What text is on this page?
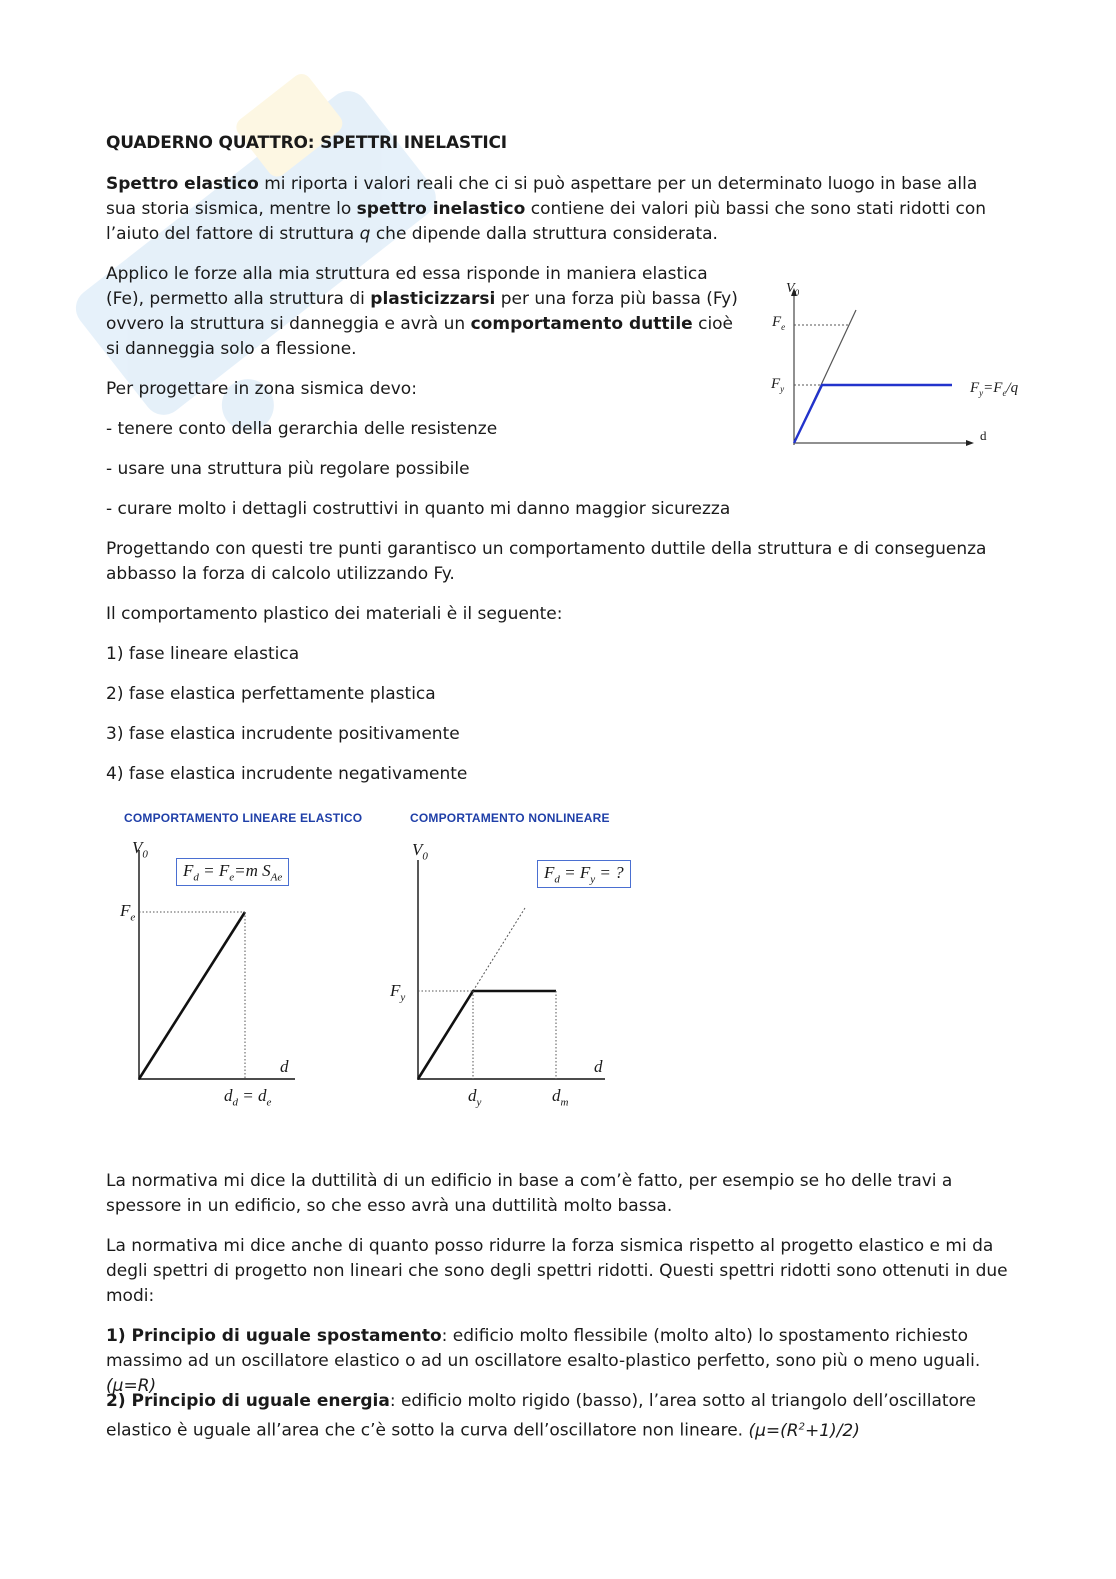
QUADERNO QUATTRO: SPETTRI INELASTICI

Spettro elastico mi riporta i valori reali che ci si può aspettare per un determinato luogo in base alla sua storia sismica, mentre lo spettro inelastico contiene dei valori più bassi che sono stati ridotti con l’aiuto del fattore di struttura q che dipende dalla struttura considerata.

Applico le forze alla mia struttura ed essa risponde in maniera elastica (Fe), permetto alla struttura di plasticizzarsi per una forza più bassa (Fy) ovvero la struttura si danneggia e avrà un comportamento duttile cioè si danneggia solo a flessione.

Per progettare in zona sismica devo:

- tenere conto della gerarchia delle resistenze

- usare una struttura più regolare possibile

- curare molto i dettagli costruttivi in quanto mi danno maggior sicurezza

Progettando con questi tre punti garantisco un comportamento duttile della struttura e di conseguenza abbasso la forza di calcolo utilizzando Fy.

Il comportamento plastico dei materiali è il seguente:

1) fase lineare elastica

2) fase elastica perfettamente plastica

3) fase elastica incrudente positivamente

4) fase elastica incrudente negativamente

$V_0$
$F_e$
$F_y$
d
$F_y=F_e/q$
COMPORTAMENTO LINEARE ELASTICO
$V_0$
$F_d = F_e=m$ $S_{Ae}$
$F_e$
d
$d_d = d_e$
COMPORTAMENTO NONLINEARE
$V_0$
$F_d = F_y$ = ?
$F_y$
d
$d_y$	$d_m$

La normativa mi dice la duttilità di un edificio in base a com’è fatto, per esempio se ho delle travi a spessore in un edificio, so che esso avrà una duttilità molto bassa.

La normativa mi dice anche di quanto posso ridurre la forza sismica rispetto al progetto elastico e mi da degli spettri di progetto non lineari che sono degli spettri ridotti. Questi spettri ridotti sono ottenuti in due modi:

1) Principio di uguale spostamento: edificio molto flessibile (molto alto) lo spostamento richiesto massimo ad un oscillatore elastico o ad un oscillatore esalto-plastico perfetto, sono più o meno uguali. (μ=R)

2) Principio di uguale energia: edificio molto rigido (basso), l’area sotto al triangolo dell’oscillatore elastico è uguale all’area che c’è sotto la curva dell’oscillatore non lineare. $(\mu=(R^2+1)/2)$
